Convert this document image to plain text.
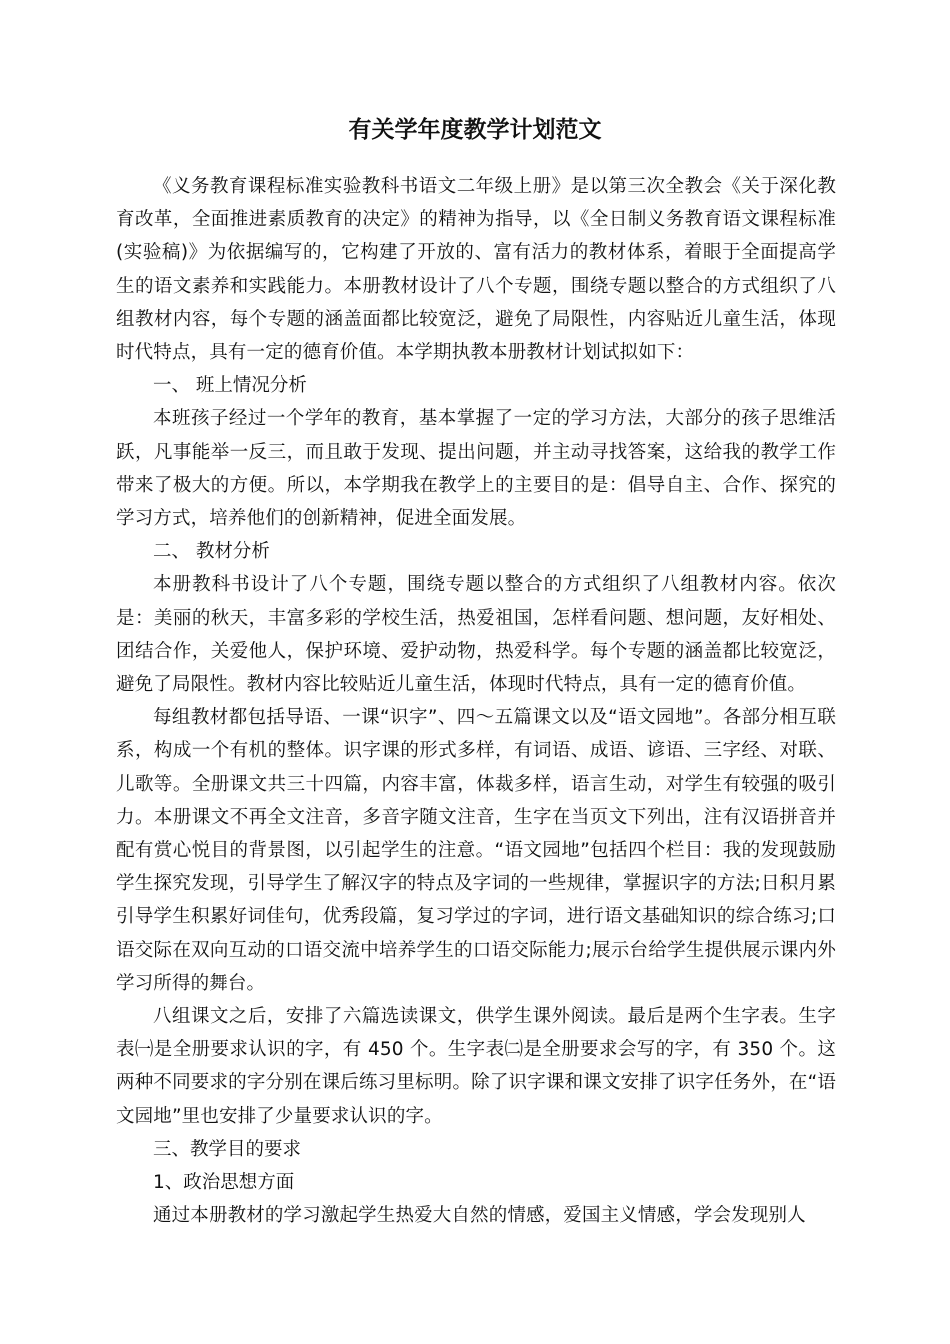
有关学年度教学计划范文

《义务教育课程标准实验教科书语文二年级上册》是以第三次全教会《关于深化教育改革，全面推进素质教育的决定》的精神为指导，以《全日制义务教育语文课程标准(实验稿)》为依据编写的，它构建了开放的、富有活力的教材体系，着眼于全面提高学生的语文素养和实践能力。本册教材设计了八个专题，围绕专题以整合的方式组织了八组教材内容，每个专题的涵盖面都比较宽泛，避免了局限性，内容贴近儿童生活，体现时代特点，具有一定的德育价值。本学期执教本册教材计划试拟如下：

一、 班上情况分析

本班孩子经过一个学年的教育，基本掌握了一定的学习方法，大部分的孩子思维活跃，凡事能举一反三，而且敢于发现、提出问题，并主动寻找答案，这给我的教学工作带来了极大的方便。所以，本学期我在教学上的主要目的是：倡导自主、合作、探究的学习方式，培养他们的创新精神，促进全面发展。

二、 教材分析

本册教科书设计了八个专题，围绕专题以整合的方式组织了八组教材内容。依次是：美丽的秋天，丰富多彩的学校生活，热爱祖国，怎样看问题、想问题，友好相处、团结合作，关爱他人，保护环境、爱护动物，热爱科学。每个专题的涵盖都比较宽泛，避免了局限性。教材内容比较贴近儿童生活，体现时代特点，具有一定的德育价值。

每组教材都包括导语、一课“识字”、四～五篇课文以及“语文园地”。各部分相互联系，构成一个有机的整体。识字课的形式多样，有词语、成语、谚语、三字经、对联、儿歌等。全册课文共三十四篇，内容丰富，体裁多样，语言生动，对学生有较强的吸引力。本册课文不再全文注音，多音字随文注音，生字在当页文下列出，注有汉语拼音并配有赏心悦目的背景图，以引起学生的注意。“语文园地”包括四个栏目：我的发现鼓励学生探究发现，引导学生了解汉字的特点及字词的一些规律，掌握识字的方法;日积月累引导学生积累好词佳句，优秀段篇，复习学过的字词，进行语文基础知识的综合练习;口语交际在双向互动的口语交流中培养学生的口语交际能力;展示台给学生提供展示课内外学习所得的舞台。

八组课文之后，安排了六篇选读课文，供学生课外阅读。最后是两个生字表。生字表㈠是全册要求认识的字，有 450 个。生字表㈡是全册要求会写的字，有 350 个。这两种不同要求的字分别在课后练习里标明。除了识字课和课文安排了识字任务外，在“语文园地”里也安排了少量要求认识的字。

三、教学目的要求

1、政治思想方面

通过本册教材的学习激起学生热爱大自然的情感，爱国主义情感，学会发现别人
